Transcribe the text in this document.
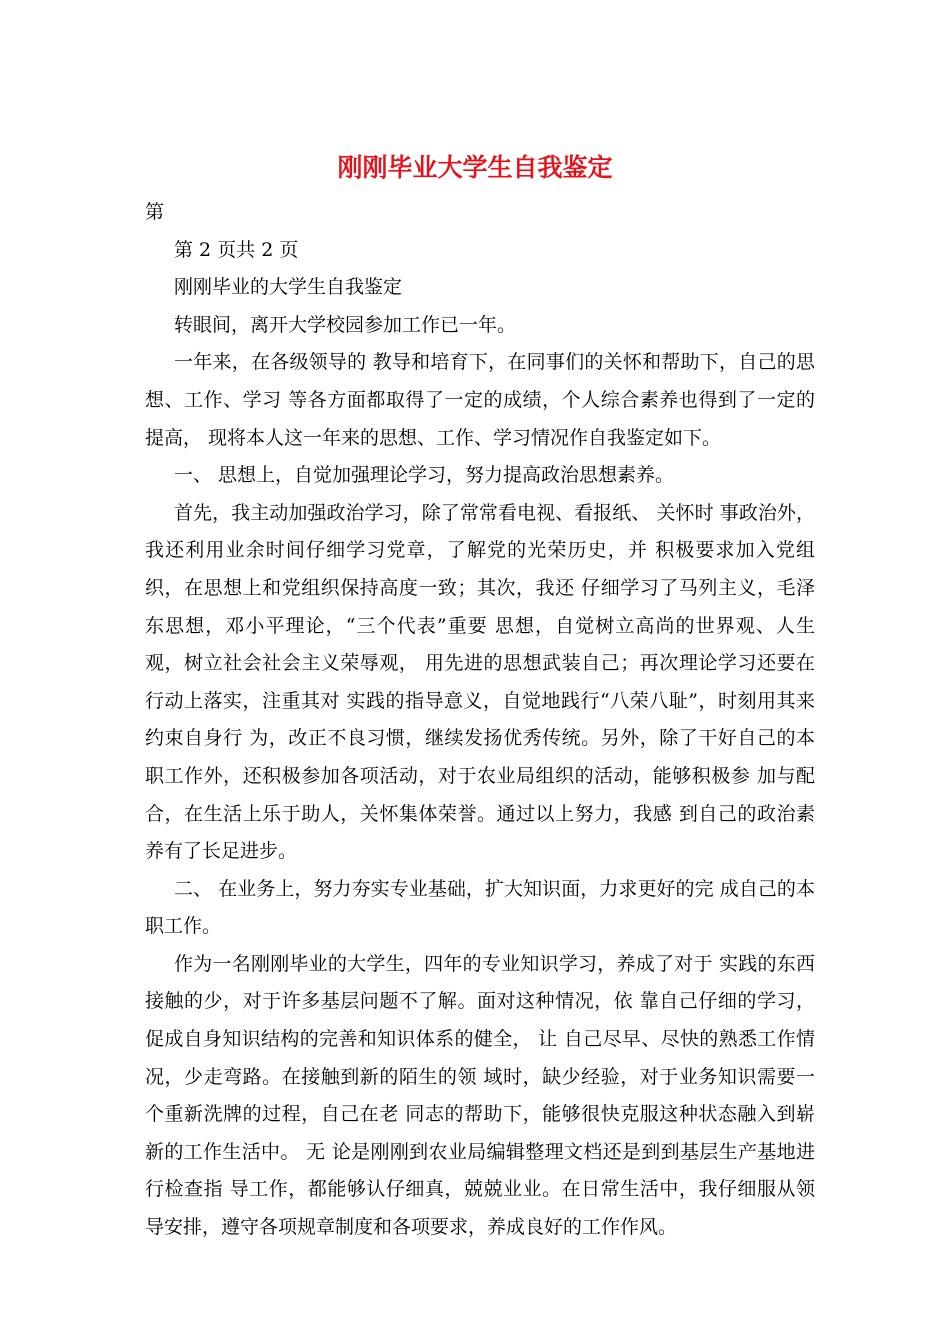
刚刚毕业大学生自我鉴定

第

第 2 页共 2 页

刚刚毕业的大学生自我鉴定

转眼间，离开大学校园参加工作已一年。

一年来，在各级领导的 教导和培育下，在同事们的关怀和帮助下，自己的思想、工作、学习 等各方面都取得了一定的成绩，个人综合素养也得到了一定的提高， 现将本人这一年来的思想、工作、学习情况作自我鉴定如下。

一、 思想上，自觉加强理论学习，努力提高政治思想素养。

首先，我主动加强政治学习，除了常常看电视、看报纸、 关怀时 事政治外，我还利用业余时间仔细学习党章，了解党的光荣历史，并 积极要求加入党组织，在思想上和党组织保持高度一致；其次，我还 仔细学习了马列主义，毛泽东思想，邓小平理论，“三个代表”重要 思想，自觉树立高尚的世界观、人生观，树立社会社会主义荣辱观， 用先进的思想武装自己；再次理论学习还要在行动上落实，注重其对 实践的指导意义，自觉地践行“八荣八耻”，时刻用其来约束自身行 为，改正不良习惯，继续发扬优秀传统。另外，除了干好自己的本职工作外，还积极参加各项活动，对于农业局组织的活动，能够积极参 加与配合，在生活上乐于助人，关怀集体荣誉。通过以上努力，我感 到自己的政治素养有了长足进步。

二、 在业务上，努力夯实专业基础，扩大知识面，力求更好的完 成自己的本职工作。

作为一名刚刚毕业的大学生，四年的专业知识学习，养成了对于 实践的东西接触的少，对于许多基层问题不了解。面对这种情况，依 靠自己仔细的学习，促成自身知识结构的完善和知识体系的健全， 让 自己尽早、尽快的熟悉工作情况，少走弯路。在接触到新的陌生的领 域时，缺少经验，对于业务知识需要一个重新洗牌的过程，自己在老 同志的帮助下，能够很快克服这种状态融入到崭新的工作生活中。 无 论是刚刚到农业局编辑整理文档还是到到基层生产基地进行检查指 导工作，都能够认仔细真，兢兢业业。在日常生活中，我仔细服从领 导安排，遵守各项规章制度和各项要求，养成良好的工作作风。
